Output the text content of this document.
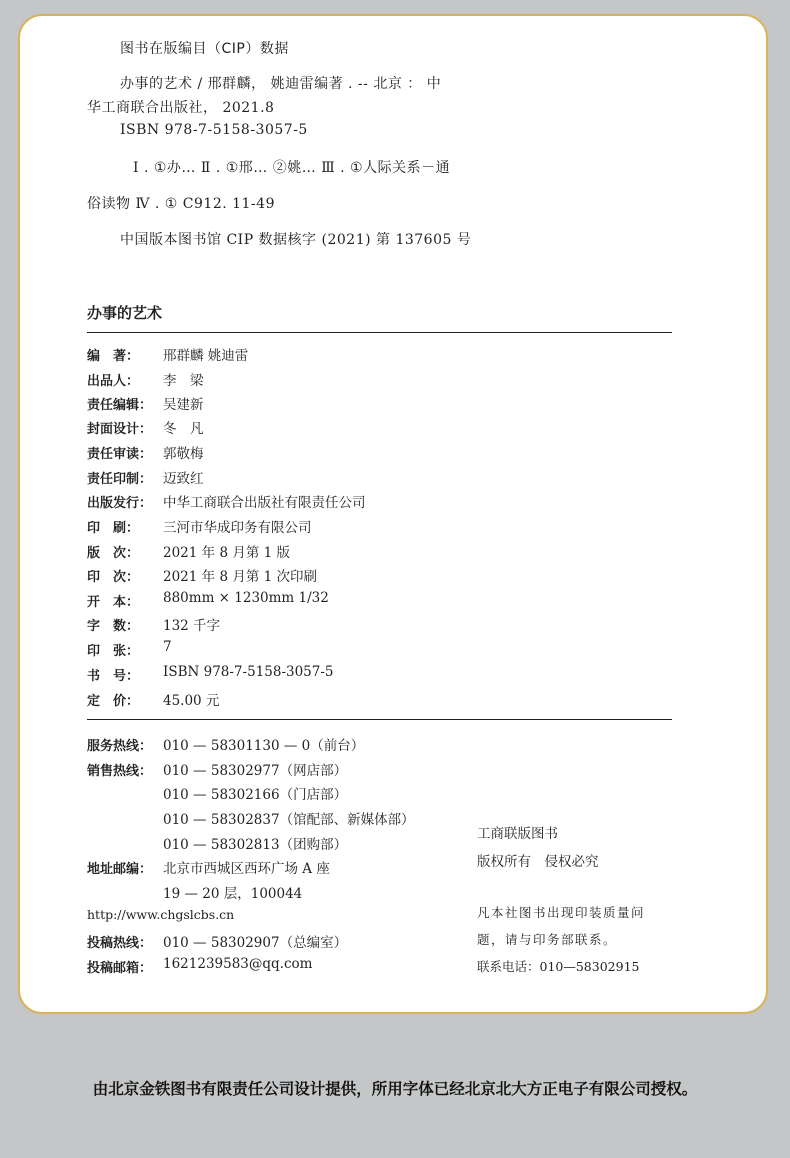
图书在版编目（CIP）数据
办事的艺术 / 邢群麟， 姚迪雷编著 . -- 北京 ： 中
华工商联合出版社， 2021.8
ISBN 978-7-5158-3057-5
Ⅰ . ①办… Ⅱ . ①邢… ②姚… Ⅲ . ①人际关系－通
俗读物 Ⅳ . ① C912. 11-49
中国版本图书馆 CIP 数据核字 (2021) 第 137605 号
办事的艺术
编　著： 邢群麟 姚迪雷
出品人： 李　梁
责任编辑： 吴建新
封面设计： 冬　凡
责任审读： 郭敬梅
责任印制： 迈致红
出版发行： 中华工商联合出版社有限责任公司
印　刷： 三河市华成印务有限公司
版　次： 2021 年 8 月第 1 版
印　次： 2021 年 8 月第 1 次印刷
开　本： 880mm × 1230mm 1/32
字　数： 132 千字
印　张： 7
书　号： ISBN 978-7-5158-3057-5
定　价： 45.00 元
服务热线： 010 — 58301130 — 0（前台）
销售热线： 010 — 58302977（网店部）
010 — 58302166（门店部）
010 — 58302837（馆配部、新媒体部）
010 — 58302813（团购部）
地址邮编： 北京市西城区西环广场 A 座
19 — 20 层，100044
http://www.chgslcbs.cn
投稿热线： 010 — 58302907（总编室）
投稿邮箱： 1621239583@qq.com
工商联版图书
版权所有　侵权必究
凡本社图书出现印装质量问
题，请与印务部联系。
联系电话：010—58302915
由北京金铁图书有限责任公司设计提供，所用字体已经北京北大方正电子有限公司授权。
